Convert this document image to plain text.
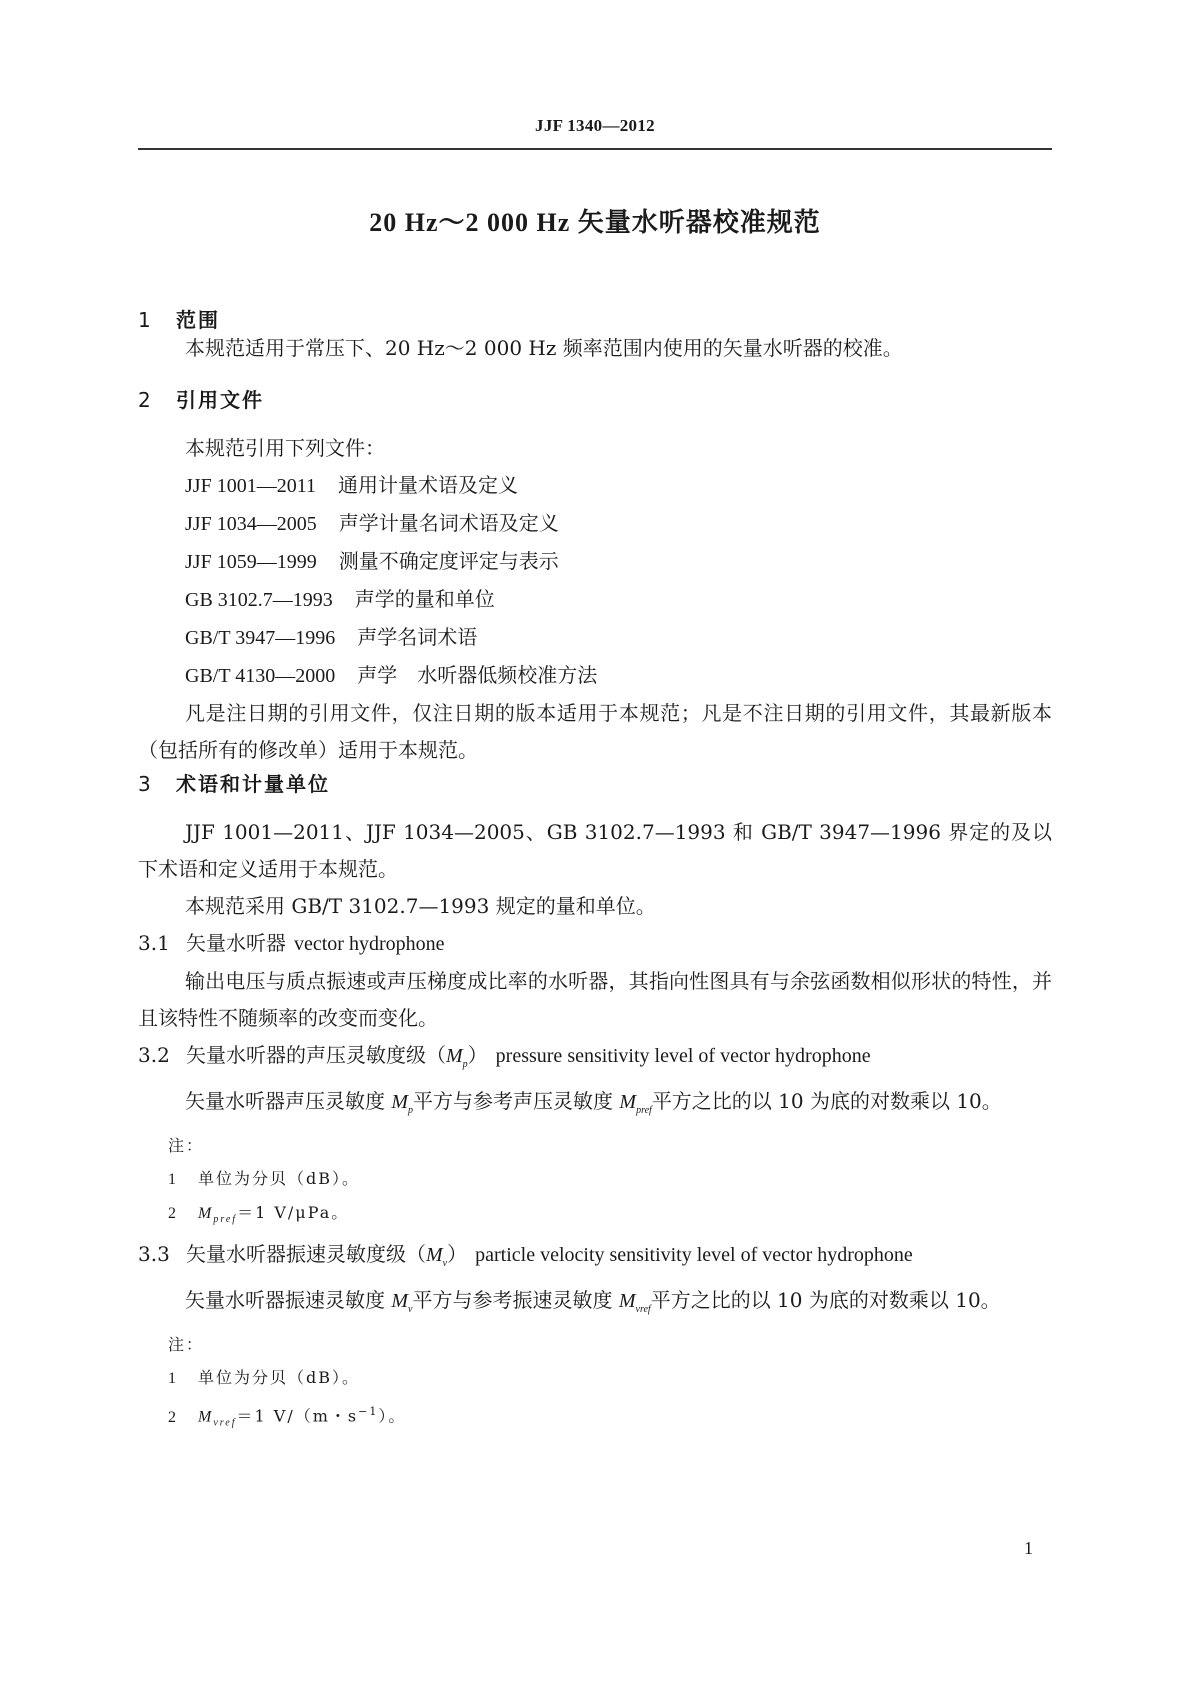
JJF 1340—2012
20 Hz～2 000 Hz 矢量水听器校准规范
1 范围

本规范适用于常压下、20 Hz～2 000 Hz 频率范围内使用的矢量水听器的校准。

2 引用文件
本规范引用下列文件：
JJF 1001—2011 通用计量术语及定义
JJF 1034—2005 声学计量名词术语及定义
JJF 1059—1999 测量不确定度评定与表示
GB 3102.7—1993 声学的量和单位
GB/T 3947—1996 声学名词术语
GB/T 4130—2000 声学　水听器低频校准方法

凡是注日期的引用文件，仅注日期的版本适用于本规范；凡是不注日期的引用文件，其最新版本（包括所有的修改单）适用于本规范。

3 术语和计量单位

JJF 1001—2011、JJF 1034—2005、GB 3102.7—1993 和 GB/T 3947—1996 界定的及以下术语和定义适用于本规范。

本规范采用 GB/T 3102.7—1993 规定的量和单位。

3.1 矢量水听器 vector hydrophone

输出电压与质点振速或声压梯度成比率的水听器，其指向性图具有与余弦函数相似形状的特性，并且该特性不随频率的改变而变化。

3.2 矢量水听器的声压灵敏度级$(M_p)$ pressure sensitivity level of vector hydrophone

矢量水听器声压灵敏度 $M_p$平方与参考声压灵敏度 $M_{pref}$平方之比的以 10 为底的对数乘以 10。

注：
1 单位为分贝（dB）。
2 $M_{pref}=1$ V/μPa。
3.3 矢量水听器振速灵敏度级$(M_v)$ particle velocity sensitivity level of vector hydrophone

矢量水听器振速灵敏度 $M_v$平方与参考振速灵敏度 $M_{vref}$平方之比的以 10 为底的对数乘以 10。

注：
1 单位为分贝（dB）。
2 $M_{vref}=1$ V/（m・$s^{-1}$）。
1
